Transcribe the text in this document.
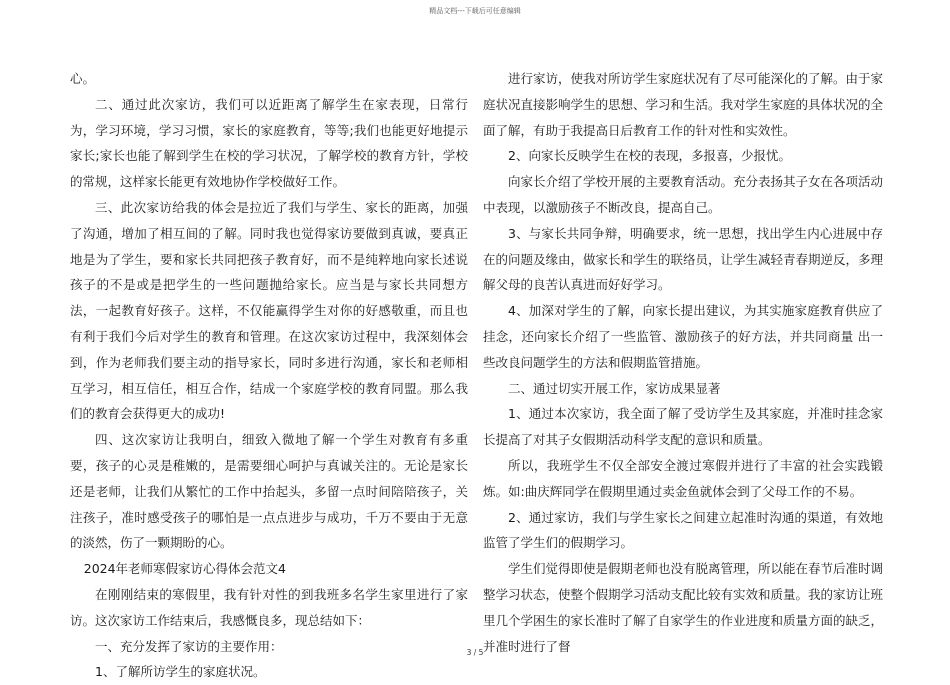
精品文档---下载后可任意编辑

心。

二、通过此次家访，我们可以近距离了解学生在家表现，日常行为，学习环境，学习习惯，家长的家庭教育，等等;我们也能更好地提示家长;家长也能了解到学生在校的学习状况，了解学校的教育方针，学校的常规，这样家长能更有效地协作学校做好工作。

三、此次家访给我的体会是拉近了我们与学生、家长的距离，加强了沟通，增加了相互间的了解。同时我也觉得家访要做到真诚，要真正地是为了学生，要和家长共同把孩子教育好，而不是纯粹地向家长述说孩子的不是或是把学生的一些问题抛给家长。应当是与家长共同想方法，一起教育好孩子。这样，不仅能赢得学生对你的好感敬重，而且也有利于我们今后对学生的教育和管理。在这次家访过程中，我深刻体会到，作为老师我们要主动的指导家长，同时多进行沟通，家长和老师相互学习，相互信任，相互合作，结成一个家庭学校的教育同盟。那么我们的教育会获得更大的成功!

四、这次家访让我明白，细致入微地了解一个学生对教育有多重要，孩子的心灵是稚嫩的，是需要细心呵护与真诚关注的。无论是家长还是老师，让我们从繁忙的工作中抬起头，多留一点时间陪陪孩子，关注孩子，准时感受孩子的哪怕是一点点进步与成功，千万不要由于无意的淡然，伤了一颗期盼的心。

2024年老师寒假家访心得体会范文4

在刚刚结束的寒假里，我有针对性的到我班多名学生家里进行了家访。这次家访工作结束后，我感慨良多，现总结如下：

一、充分发挥了家访的主要作用：

1、了解所访学生的家庭状况。

进行家访，使我对所访学生家庭状况有了尽可能深化的了解。由于家庭状况直接影响学生的思想、学习和生活。我对学生家庭的具体状况的全面了解，有助于我提高日后教育工作的针对性和实效性。

2、向家长反映学生在校的表现，多报喜，少报忧。

向家长介绍了学校开展的主要教育活动。充分表扬其子女在各项活动中表现，以激励孩子不断改良，提高自己。

3、与家长共同争辩，明确要求，统一思想，找出学生内心进展中存在的问题及缘由，做家长和学生的联络员，让学生减轻青春期逆反，多理解父母的良苦认真进而好好学习。

4、加深对学生的了解，向家长提出建议，为其实施家庭教育供应了挂念，还向家长介绍了一些监管、激励孩子的好方法，并共同商量 出一些改良问题学生的方法和假期监管措施。

二、通过切实开展工作，家访成果显著

1、通过本次家访，我全面了解了受访学生及其家庭，并准时挂念家长提高了对其子女假期活动科学支配的意识和质量。

所以，我班学生不仅全部安全渡过寒假并进行了丰富的社会实践锻炼。如:曲庆辉同学在假期里通过卖金鱼就体会到了父母工作的不易。

2、通过家访，我们与学生家长之间建立起准时沟通的渠道，有效地监管了学生们的假期学习。

学生们觉得即使是假期老师也没有脱离管理，所以能在春节后准时调整学习状态，使整个假期学习活动支配比较有实效和质量。我的家访让班里几个学困生的家长准时了解了自家学生的作业进度和质量方面的缺乏，并准时进行了督

3 / 5
